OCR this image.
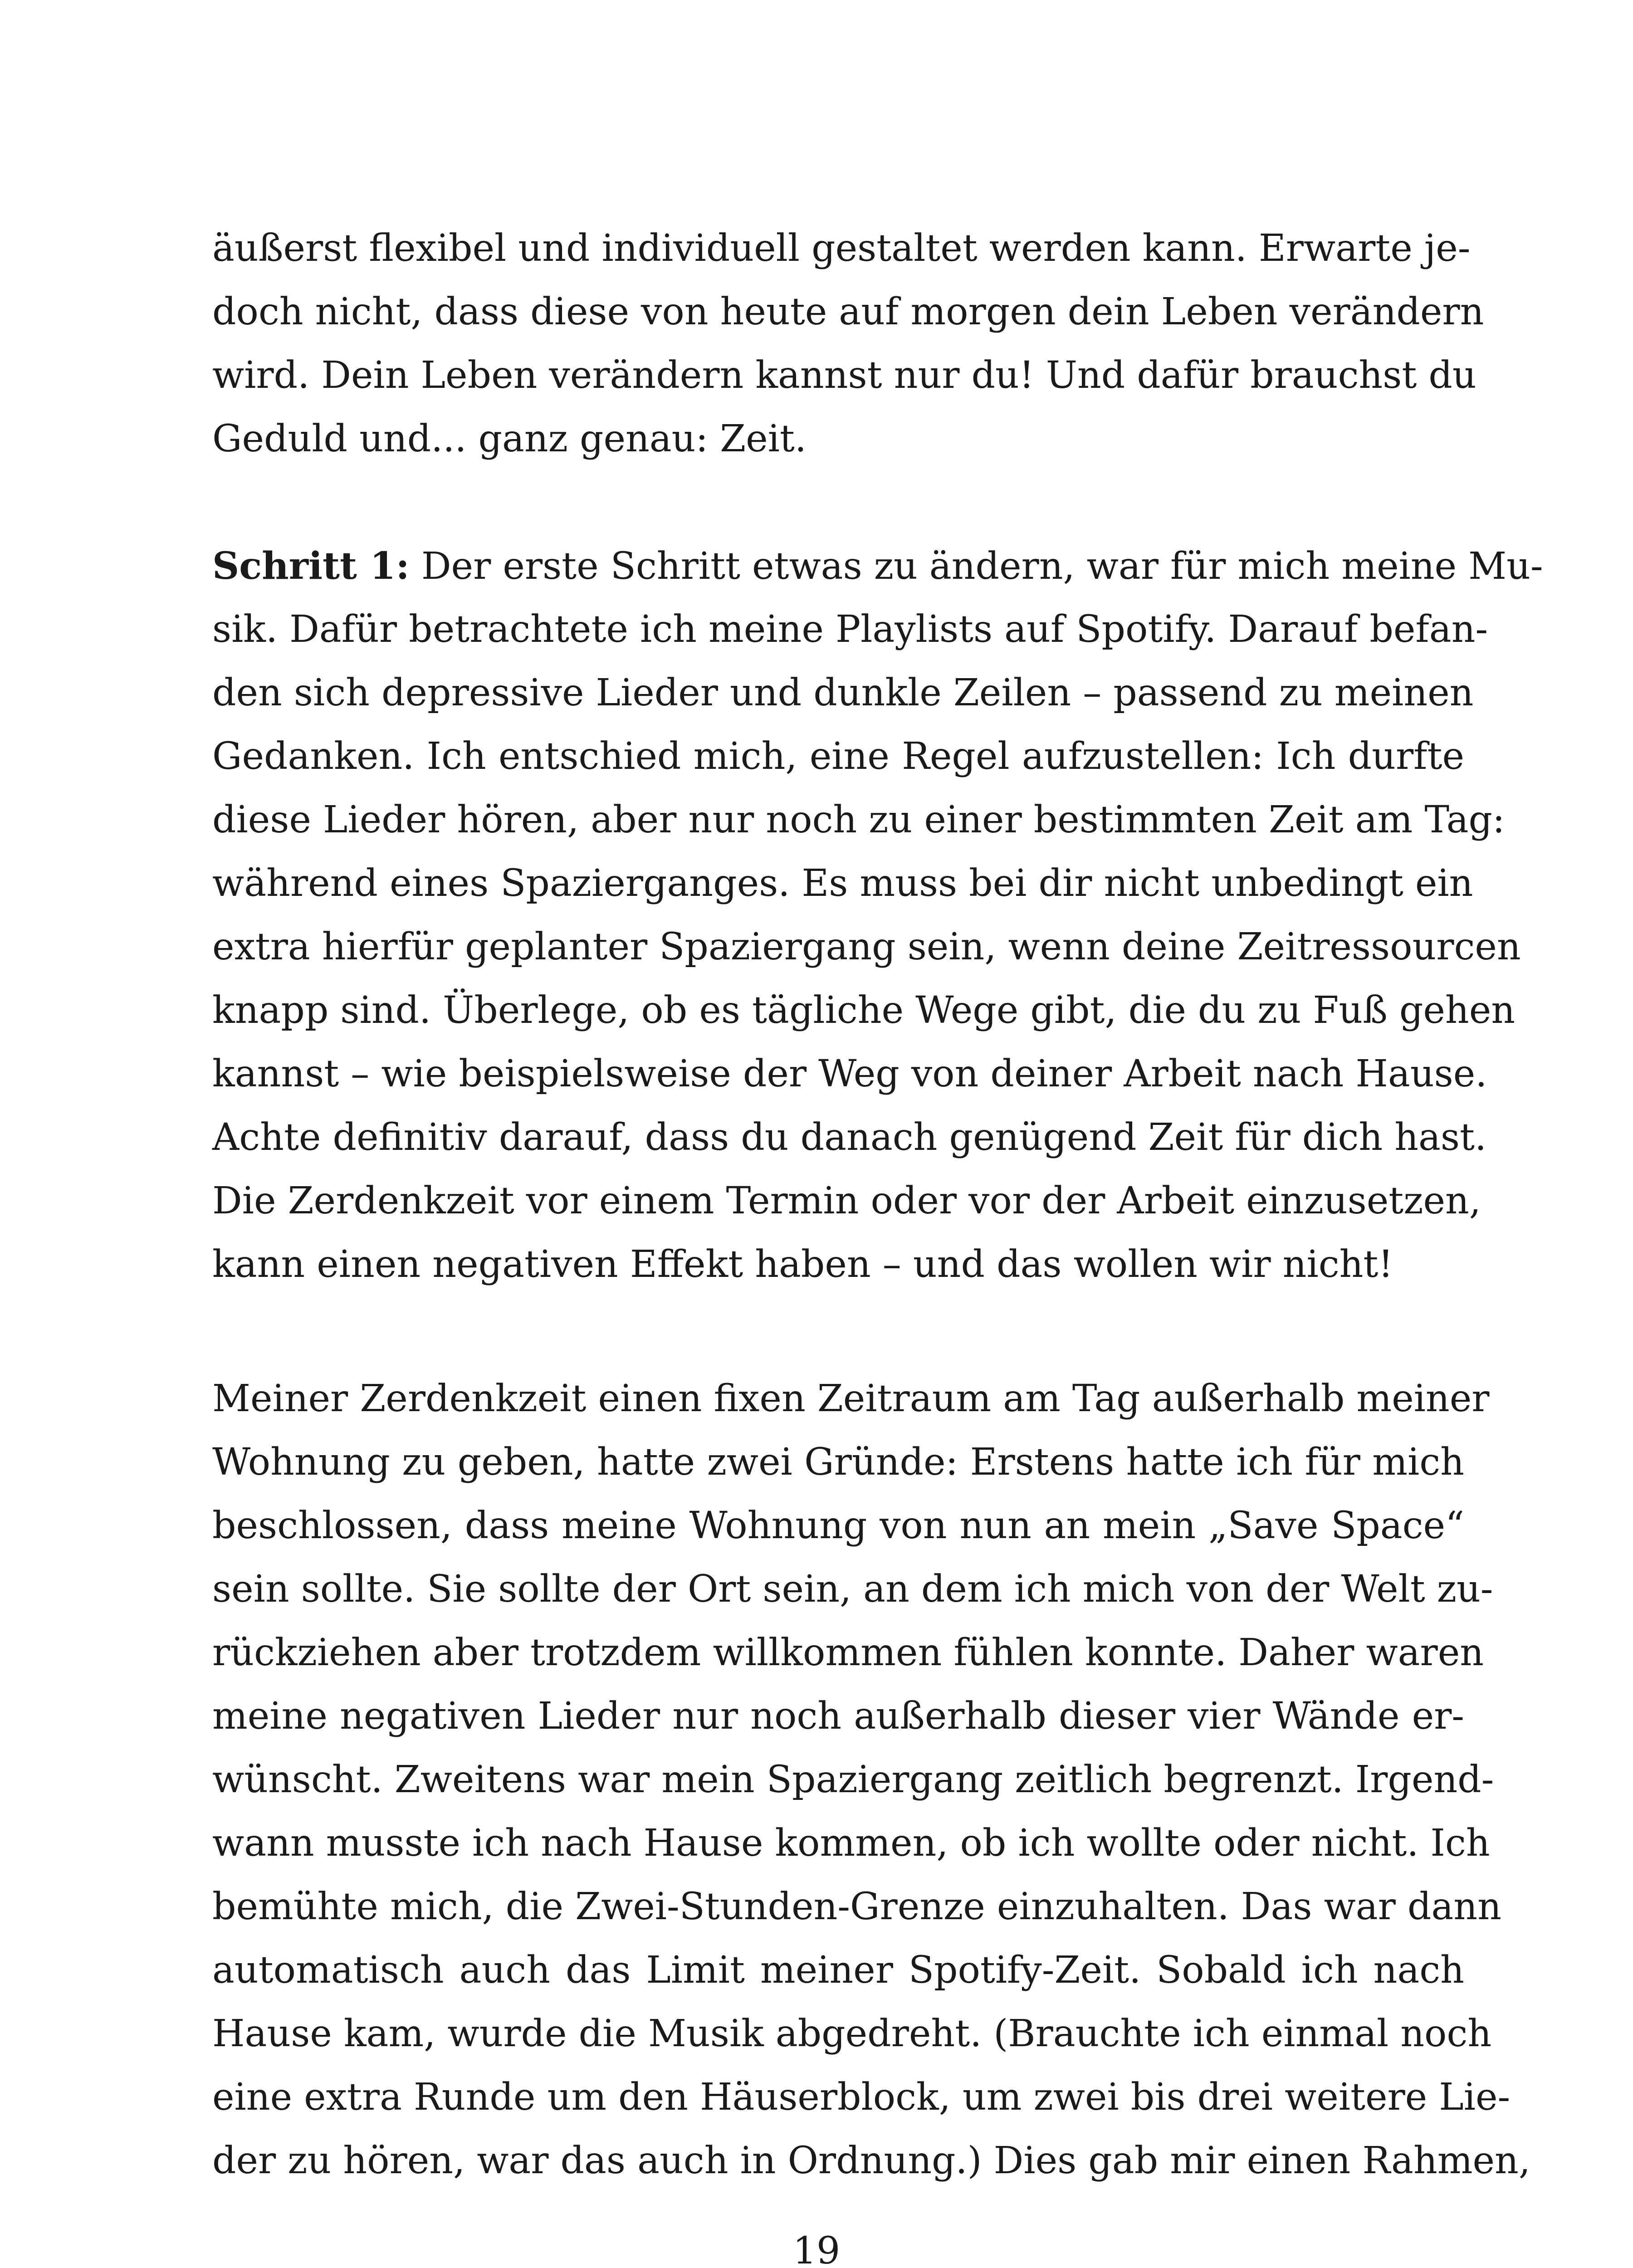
äußerst flexibel und individuell gestaltet werden kann. Erwarte je-
doch nicht, dass diese von heute auf morgen dein Leben verändern
wird. Dein Leben verändern kannst nur du! Und dafür brauchst du
Geduld und... ganz genau: Zeit.
Schritt 1: Der erste Schritt etwas zu ändern, war für mich meine Mu-
sik. Dafür betrachtete ich meine Playlists auf Spotify. Darauf befan-
den sich depressive Lieder und dunkle Zeilen – passend zu meinen
Gedanken. Ich entschied mich, eine Regel aufzustellen: Ich durfte
diese Lieder hören, aber nur noch zu einer bestimmten Zeit am Tag:
während eines Spazierganges. Es muss bei dir nicht unbedingt ein
extra hierfür geplanter Spaziergang sein, wenn deine Zeitressourcen
knapp sind. Überlege, ob es tägliche Wege gibt, die du zu Fuß gehen
kannst – wie beispielsweise der Weg von deiner Arbeit nach Hause.
Achte definitiv darauf, dass du danach genügend Zeit für dich hast.
Die Zerdenkzeit vor einem Termin oder vor der Arbeit einzusetzen,
kann einen negativen Effekt haben – und das wollen wir nicht!
Meiner Zerdenkzeit einen fixen Zeitraum am Tag außerhalb meiner
Wohnung zu geben, hatte zwei Gründe: Erstens hatte ich für mich
beschlossen, dass meine Wohnung von nun an mein „Save Space“
sein sollte. Sie sollte der Ort sein, an dem ich mich von der Welt zu-
rückziehen aber trotzdem willkommen fühlen konnte. Daher waren
meine negativen Lieder nur noch außerhalb dieser vier Wände er-
wünscht. Zweitens war mein Spaziergang zeitlich begrenzt. Irgend-
wann musste ich nach Hause kommen, ob ich wollte oder nicht. Ich
bemühte mich, die Zwei-Stunden-Grenze einzuhalten. Das war dann
automatisch auch das Limit meiner Spotify-Zeit. Sobald ich nach
Hause kam, wurde die Musik abgedreht. (Brauchte ich einmal noch
eine extra Runde um den Häuserblock, um zwei bis drei weitere Lie-
der zu hören, war das auch in Ordnung.) Dies gab mir einen Rahmen,
19
